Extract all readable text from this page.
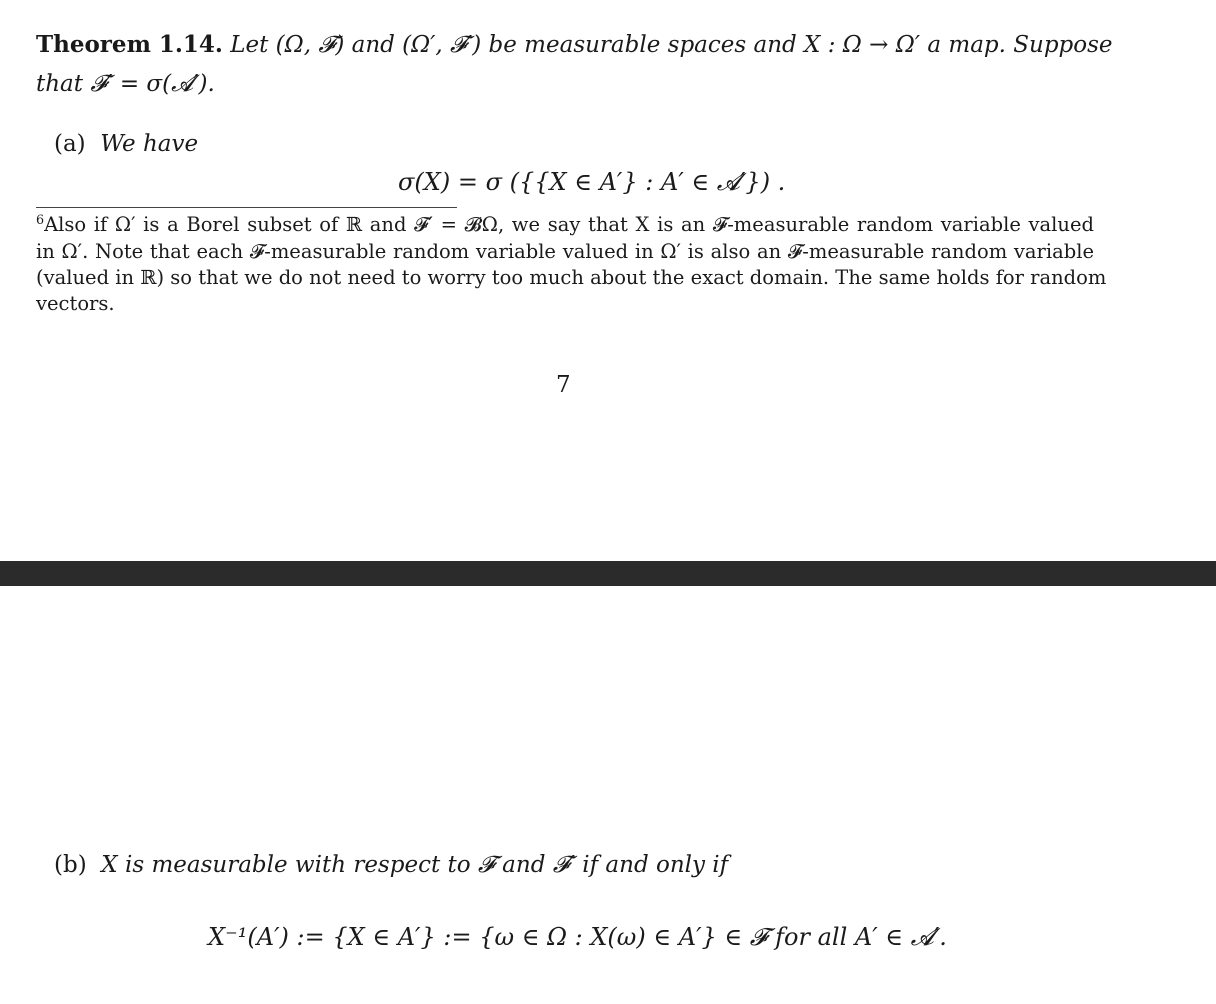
Theorem 1.14. Let (Ω, 𝓕) and (Ω′, 𝓕′) be measurable spaces and X : Ω → Ω′ a map. Suppose
that 𝓕′ = σ(𝓐′).
(a) We have
σ(X) = σ ({{X ∈ A′} : A′ ∈ 𝓐′}) .
$^6$Also if Ω′ is a Borel subset of ℝ and 𝓕′ = 𝓑Ω, we say that X is an 𝓕-measurable random variable valued
in Ω′. Note that each 𝓕-measurable random variable valued in Ω′ is also an 𝓕-measurable random variable
(valued in ℝ) so that we do not need to worry too much about the exact domain. The same holds for random
vectors.
7
(b) X is measurable with respect to 𝓕 and 𝓕′ if and only if
X⁻¹(A′) := {X ∈ A′} := {ω ∈ Ω : X(ω) ∈ A′} ∈ 𝓕 for all A′ ∈ 𝓐′.
